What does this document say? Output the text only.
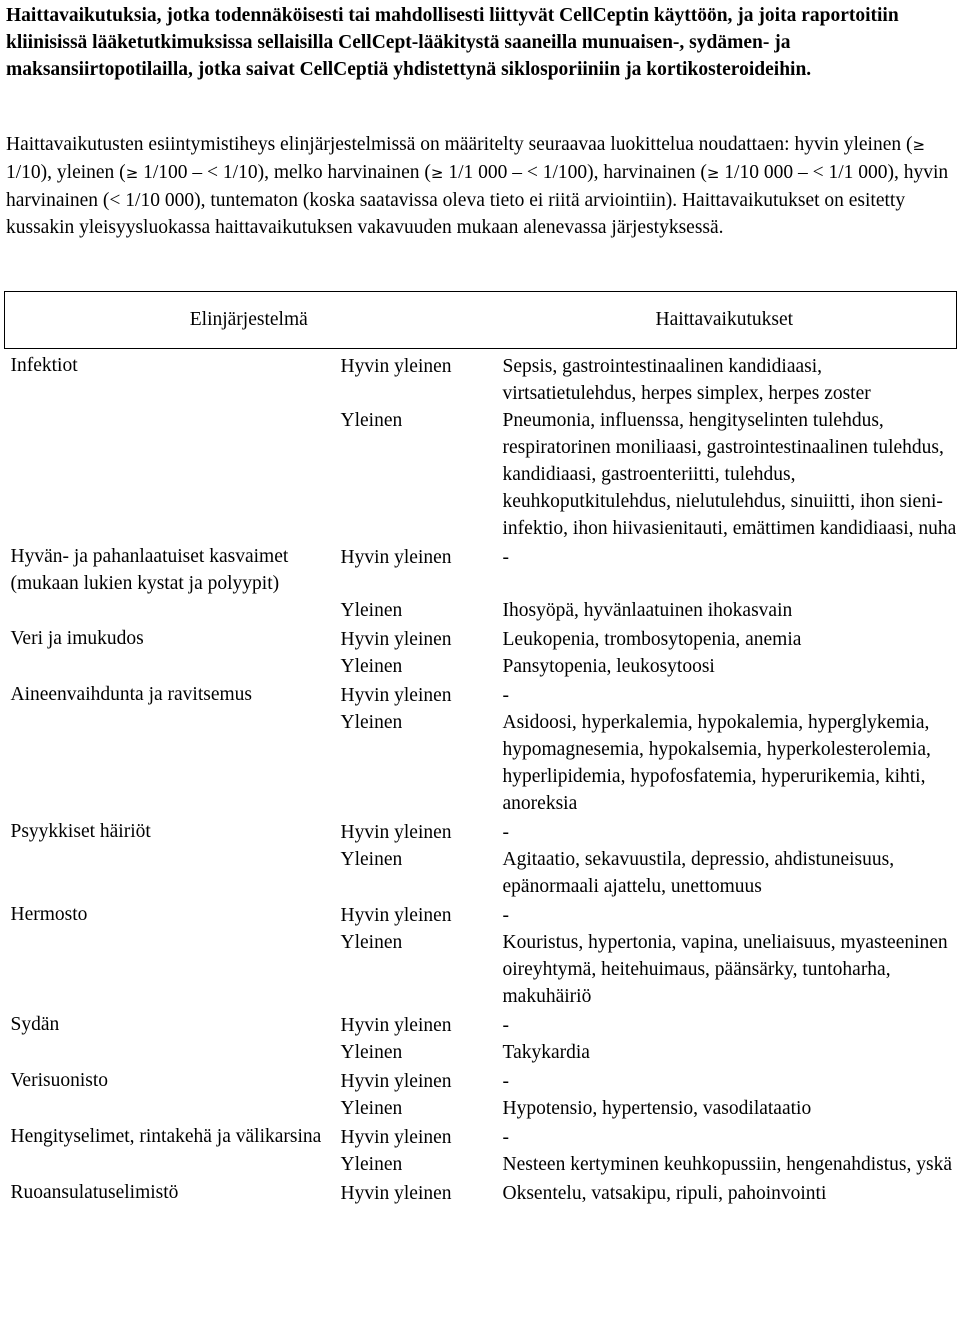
Haittavaikutuksia, jotka todennäköisesti tai mahdollisesti liittyvät CellCeptin käyttöön, ja joita raportoitiin kliinisissä lääketutkimuksissa sellaisilla CellCept-lääkitystä saaneilla munuaisen-, sydämen- ja maksansiirtopotilailla, jotka saivat CellCeptiä yhdistettynä siklosporiiniin ja kortikosteroideihin.
Haittavaikutusten esiintymistiheys elinjärjestelmissä on määritelty seuraavaa luokittelua noudattaen: hyvin yleinen (≥ 1/10), yleinen (≥ 1/100 – < 1/10), melko harvinainen (≥ 1/1 000 – < 1/100), harvinainen (≥ 1/10 000 – < 1/1 000), hyvin harvinainen (< 1/10 000), tuntematon (koska saatavissa oleva tieto ei riitä arviointiin). Haittavaikutukset on esitetty kussakin yleisyysluokassa haittavaikutuksen vakavuuden mukaan alenevassa järjestyksessä.
Elinjärjestelmä		Haittavaikutukset

Infektiot	Hyvin yleinen	Sepsis, gastrointestinaalinen kandidiaasi, virtsatietulehdus, herpes simplex, herpes zoster
	Yleinen	Pneumonia, influenssa, hengityselinten tulehdus, respiratorinen moniliaasi, gastrointestinaalinen tulehdus, kandidiaasi, gastroenteriitti, tulehdus, keuhkoputkitulehdus, nielutulehdus, sinuiitti, ihon sieni-infektio, ihon hiivasienitauti, emättimen kandidiaasi, nuha
Hyvän- ja pahanlaatuiset kasvaimet (mukaan lukien kystat ja polyypit)	Hyvin yleinen	-
	Yleinen	Ihosyöpä, hyvänlaatuinen ihokasvain
Veri ja imukudos	Hyvin yleinen	Leukopenia, trombosytopenia, anemia
	Yleinen	Pansytopenia, leukosytoosi
Aineenvaihdunta ja ravitsemus	Hyvin yleinen	-
	Yleinen	Asidoosi, hyperkalemia, hypokalemia, hyperglykemia, hypomagnesemia, hypokalsemia, hyperkolesterolemia, hyperlipidemia, hypofosfatemia, hyperurikemia, kihti, anoreksia
Psyykkiset häiriöt	Hyvin yleinen	-
	Yleinen	Agitaatio, sekavuustila, depressio, ahdistuneisuus, epänormaali ajattelu, unettomuus
Hermosto	Hyvin yleinen	-
	Yleinen	Kouristus, hypertonia, vapina, uneliaisuus, myasteeninen oireyhtymä, heitehuimaus, päänsärky, tuntoharha, makuhäiriö
Sydän	Hyvin yleinen	-
	Yleinen	Takykardia
Verisuonisto	Hyvin yleinen	-
	Yleinen	Hypotensio, hypertensio, vasodilataatio
Hengityselimet, rintakehä ja välikarsina	Hyvin yleinen	-
	Yleinen	Nesteen kertyminen keuhkopussiin, hengenahdistus, yskä
Ruoansulatuselimistö	Hyvin yleinen	Oksentelu, vatsakipu, ripuli, pahoinvointi
